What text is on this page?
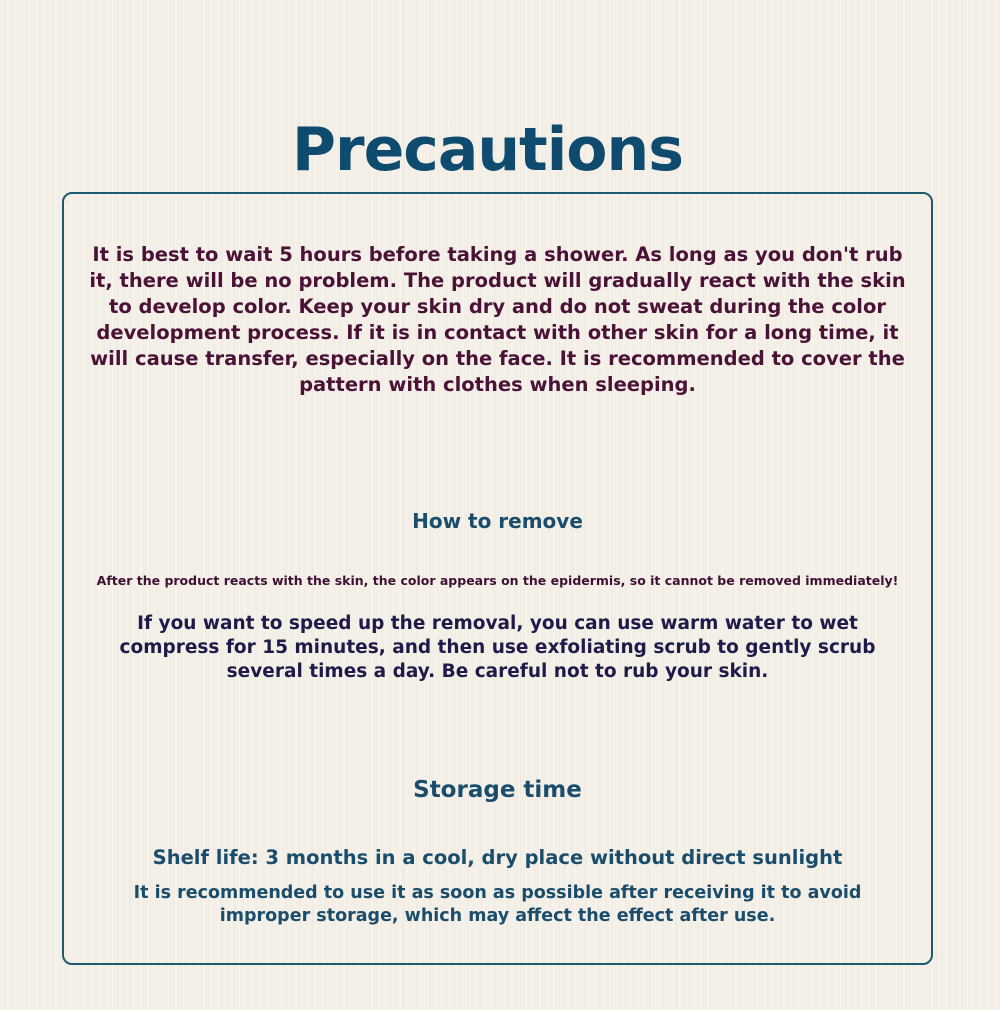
Precautions

It is best to wait 5 hours before taking a shower. As long as you don't rub it, there will be no problem. The product will gradually react with the skin to develop color. Keep your skin dry and do not sweat during the color development process. If it is in contact with other skin for a long time, it will cause transfer, especially on the face. It is recommended to cover the pattern with clothes when sleeping.

How to remove

After the product reacts with the skin, the color appears on the epidermis, so it cannot be removed immediately!

If you want to speed up the removal, you can use warm water to wet compress for 15 minutes, and then use exfoliating scrub to gently scrub several times a day. Be careful not to rub your skin.

Storage time

Shelf life: 3 months in a cool, dry place without direct sunlight

It is recommended to use it as soon as possible after receiving it to avoid improper storage, which may affect the effect after use.
